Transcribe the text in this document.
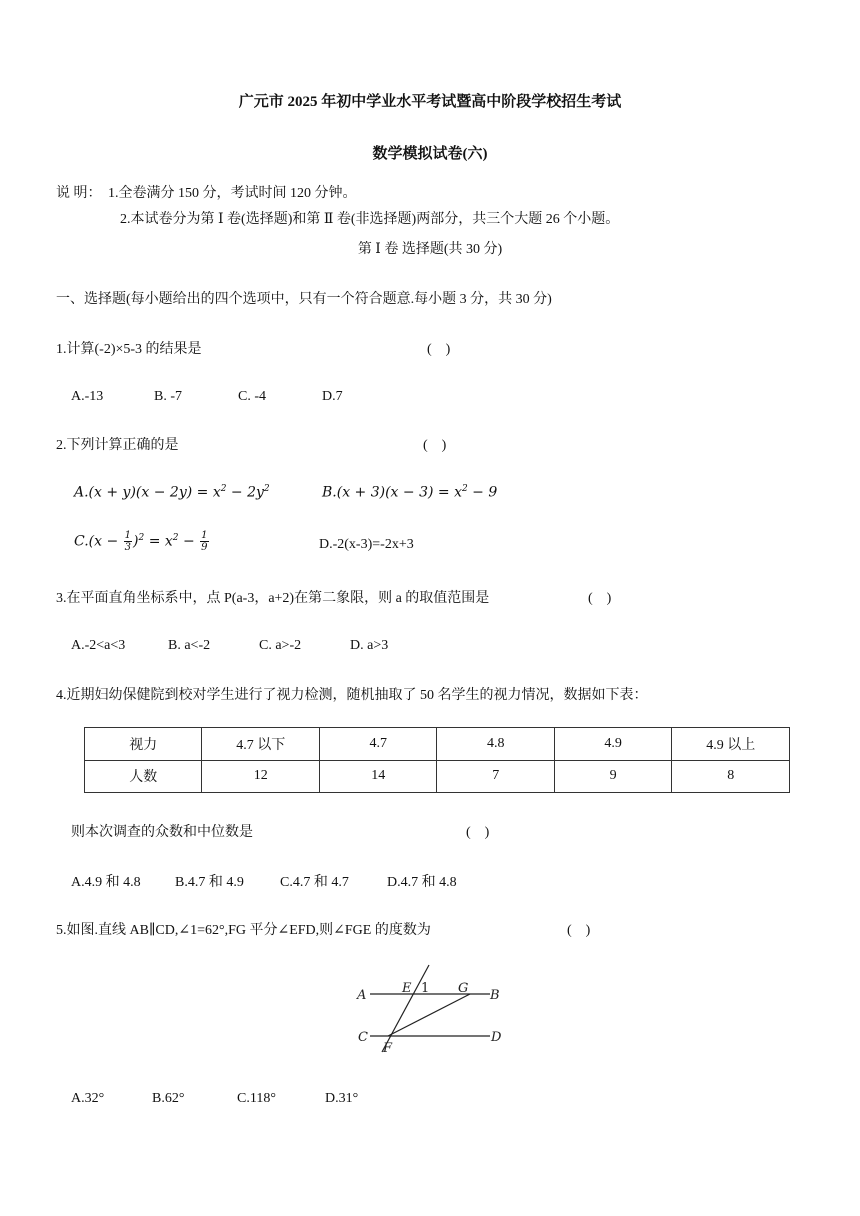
广元市 2025 年初中学业水平考试暨高中阶段学校招生考试
数学模拟试卷(六)
说 明： 1.全卷满分 150 分，考试时间 120 分钟。
2.本试卷分为第 Ⅰ 卷(选择题)和第 Ⅱ 卷(非选择题)两部分，共三个大题 26 个小题。
第 Ⅰ 卷 选择题(共 30 分)
一、选择题(每小题给出的四个选项中，只有一个符合题意.每小题 3 分，共 30 分)
1.计算(-2)×5-3 的结果是	(　)
A.-13	B. -7	C. -4	D.7
2.下列计算正确的是	(　)
$A.(x + y)(x - 2y) = x^2 - 2y^2$	$B.(x + 3)(x - 3) = x^2 - 9$
$C.(x - \frac{1}{3} )^2 = x^2 - \frac{1}{9}$	D.-2(x-3)=-2x+3
3.在平面直角坐标系中，点 P(a-3，a+2)在第二象限，则 a 的取值范围是	(　)
A.-2<a<3	B. a<-2	C. a>-2	D. a>3
4.近期妇幼保健院到校对学生进行了视力检测，随机抽取了 50 名学生的视力情况，数据如下表：
视力	4.7 以下	4.7	4.8	4.9	4.9 以上
人数	12	14	7	9	8
则本次调查的众数和中位数是	(　)
A.4.9 和 4.8 B.4.7 和 4.9	C.4.7 和 4.7	D.4.7 和 4.8
5.如图.直线 AB∥CD,∠1=62°,FG 平分∠EFD,则∠FGE 的度数为	(　)
A	E 1 G B
C
F
D
A.32°	B.62°	C.118°	D.31°
